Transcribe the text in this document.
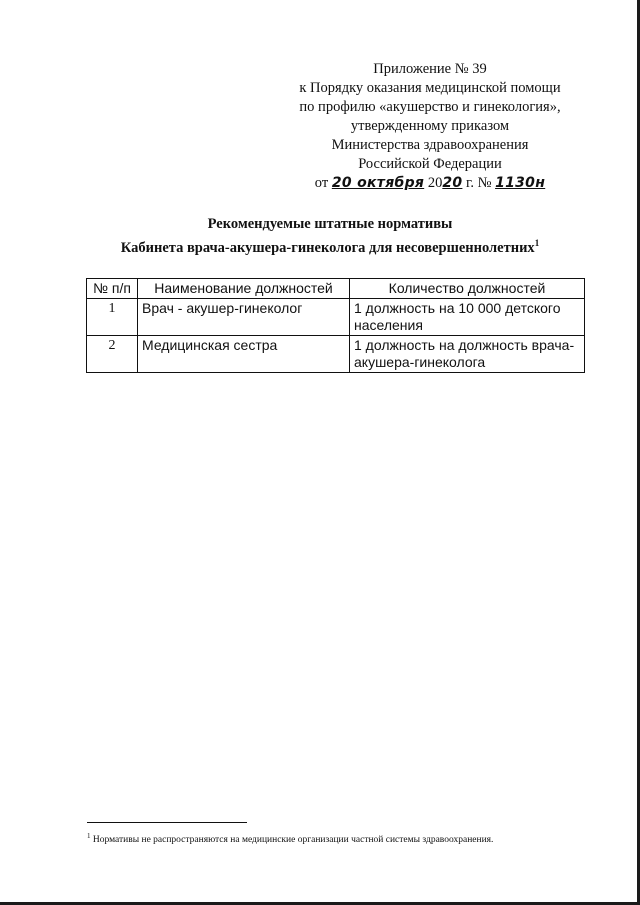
Приложение № 39
к Порядку оказания медицинской помощи
по профилю «акушерство и гинекология»,
утвержденному приказом
Министерства здравоохранения
Российской Федерации
от 20 октября 2020 г. № 1130н
Рекомендуемые штатные нормативы
Кабинета врача-акушера-гинеколога для несовершеннолетних$^1$
№ п/п	Наименование должностей	Количество должностей
1	Врач - акушер-гинеколог	1 должность на 10 000 детского населения
2	Медицинская сестра	1 должность на должность врача-акушера-гинеколога
$^1$ Нормативы не распространяются на медицинские организации частной системы здравоохранения.
